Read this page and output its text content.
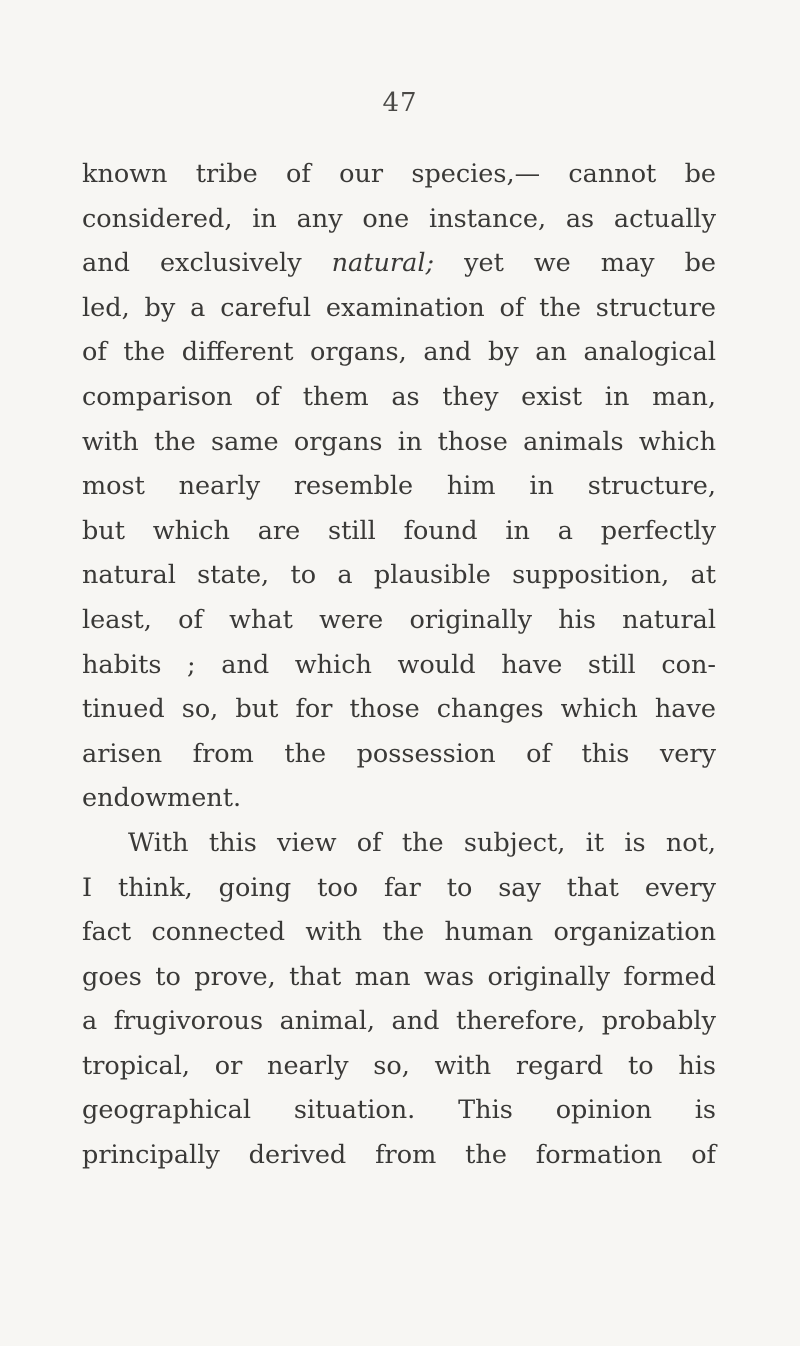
47
known tribe of our species,— cannot be
considered, in any one instance, as actually
and exclusively natural; yet we may be
led, by a careful examination of the structure
of the different organs, and by an analogical
comparison of them as they exist in man,
with the same organs in those animals which
most nearly resemble him in structure,
but which are still found in a perfectly
natural state, to a plausible supposition, at
least, of what were originally his natural
habits ; and which would have still con-
tinued so, but for those changes which have
arisen from the possession of this very
endowment.
With this view of the subject, it is not,
I think, going too far to say that every
fact connected with the human organization
goes to prove, that man was originally formed
a frugivorous animal, and therefore, probably
tropical, or nearly so, with regard to his
geographical situation. This opinion is
principally derived from the formation of
